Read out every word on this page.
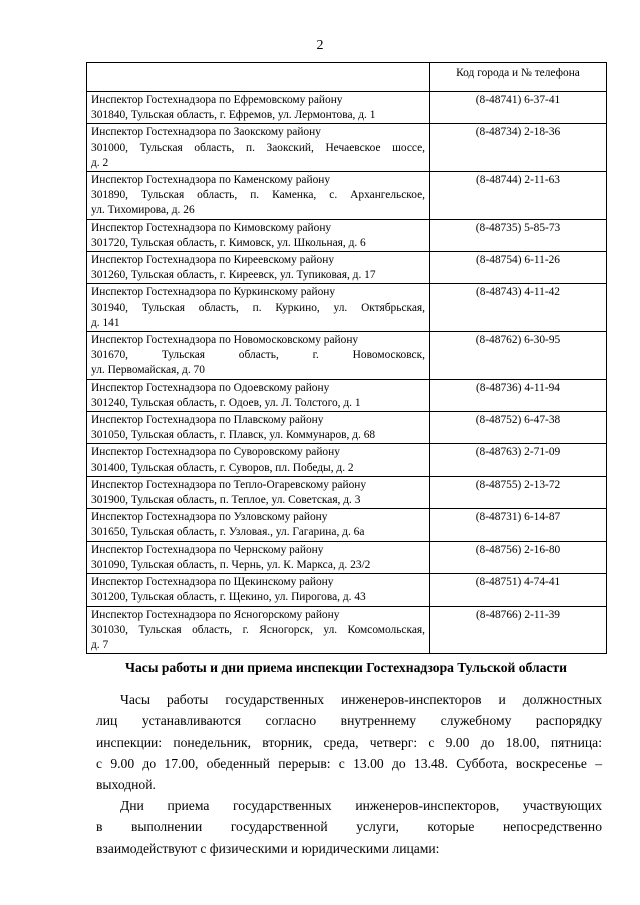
2
	Код города и № телефона

Инспектор Гостехнадзора по Ефремовскому району
301840, Тульская область, г. Ефремов, ул. Лермонтова, д. 1	(8-48741) 6-37-41

Инспектор Гостехнадзора по Заокскому району
301000, Тульская область, п. Заокский, Нечаевское шоссе,
д. 2	(8-48734) 2-18-36

Инспектор Гостехнадзора по Каменскому району
301890, Тульская область, п. Каменка, с. Архангельское,
ул. Тихомирова, д. 26	(8-48744) 2-11-63

Инспектор Гостехнадзора по Кимовскому району
301720, Тульская область, г. Кимовск, ул. Школьная, д. 6	(8-48735) 5-85-73

Инспектор Гостехнадзора по Киреевскому району
301260, Тульская область, г. Киреевск, ул. Тупиковая, д. 17	(8-48754) 6-11-26

Инспектор Гостехнадзора по Куркинскому району
301940, Тульская область, п. Куркино, ул. Октябрьская,
д. 141	(8-48743) 4-11-42

Инспектор Гостехнадзора по Новомосковскому району
301670, Тульская область, г. Новомосковск,
ул. Первомайская, д. 70	(8-48762) 6-30-95

Инспектор Гостехнадзора по Одоевскому району
301240, Тульская область, г. Одоев, ул. Л. Толстого, д. 1	(8-48736) 4-11-94

Инспектор Гостехнадзора по Плавскому району
301050, Тульская область, г. Плавск, ул. Коммунаров, д. 68	(8-48752) 6-47-38

Инспектор Гостехнадзора по Суворовскому району
301400, Тульская область, г. Суворов, пл. Победы, д. 2	(8-48763) 2-71-09

Инспектор Гостехнадзора по Тепло-Огаревскому району
301900, Тульская область, п. Теплое, ул. Советская, д. 3	(8-48755) 2-13-72

Инспектор Гостехнадзора по Узловскому району
301650, Тульская область, г. Узловая., ул. Гагарина, д. 6а	(8-48731) 6-14-87

Инспектор Гостехнадзора по Чернскому району
301090, Тульская область, п. Чернь, ул. К. Маркса, д. 23/2	(8-48756) 2-16-80

Инспектор Гостехнадзора по Щекинскому району
301200, Тульская область, г. Щекино, ул. Пирогова, д. 43	(8-48751) 4-74-41

Инспектор Гостехнадзора по Ясногорскому району
301030, Тульская область, г. Ясногорск, ул. Комсомольская,
д. 7	(8-48766) 2-11-39
Часы работы и дни приема инспекции Гостехнадзора Тульской области
Часы работы государственных инженеров-инспекторов и должностных
лиц устанавливаются согласно внутреннему служебному распорядку
инспекции: понедельник, вторник, среда, четверг: с 9.00 до 18.00, пятница:
с 9.00 до 17.00, обеденный перерыв: с 13.00 до 13.48. Суббота, воскресенье –
выходной.
Дни приема государственных инженеров-инспекторов, участвующих
в выполнении государственной услуги, которые непосредственно
взаимодействуют с физическими и юридическими лицами:
